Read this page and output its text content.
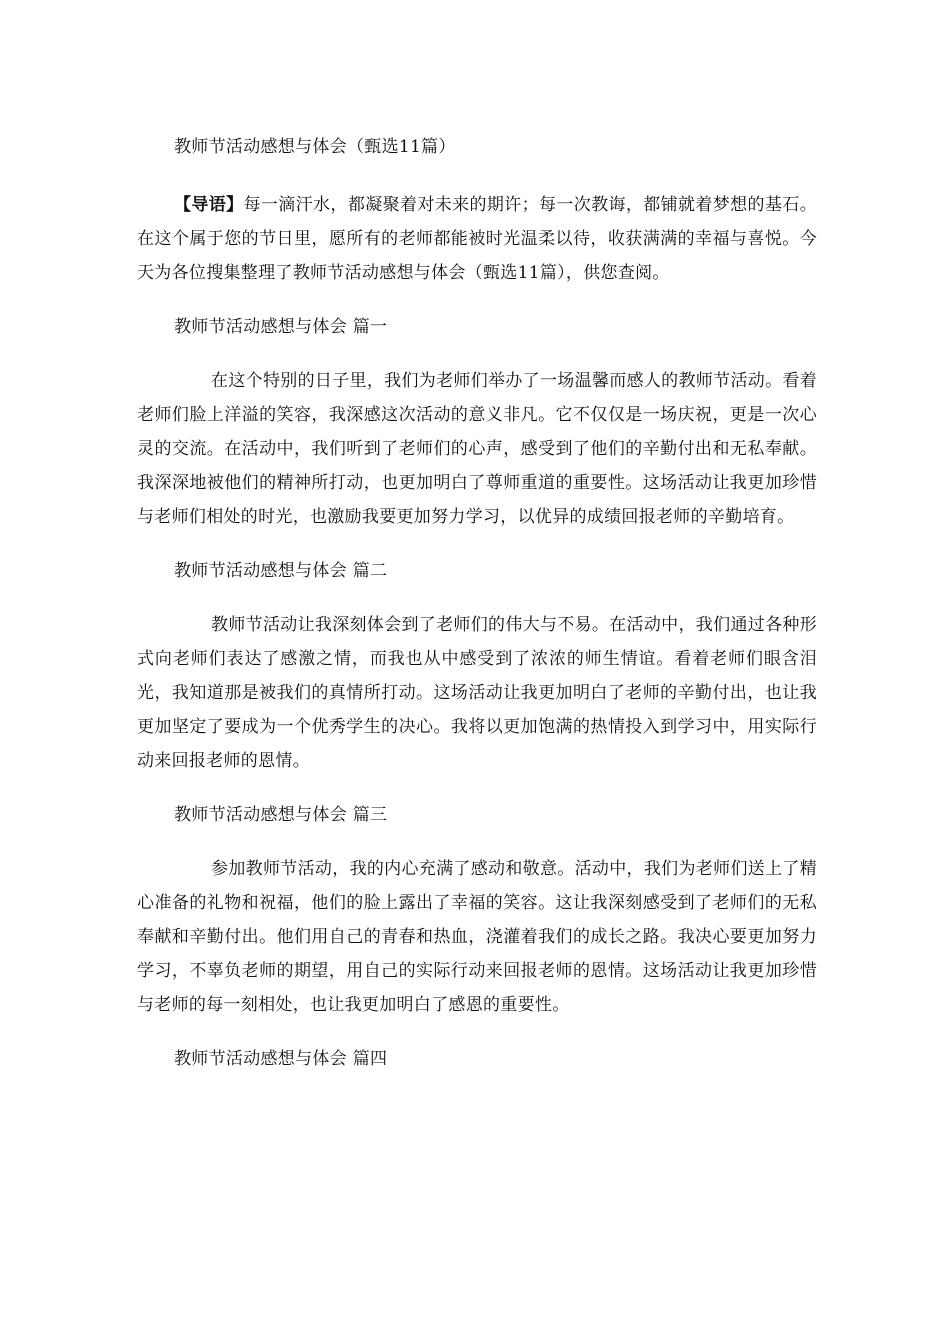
教师节活动感想与体会（甄选11篇）

【导语】每一滴汗水，都凝聚着对未来的期许；每一次教诲，都铺就着梦想的基石。在这个属于您的节日里，愿所有的老师都能被时光温柔以待，收获满满的幸福与喜悦。今天为各位搜集整理了教师节活动感想与体会（甄选11篇），供您查阅。

教师节活动感想与体会 篇一

在这个特别的日子里，我们为老师们举办了一场温馨而感人的教师节活动。看着老师们脸上洋溢的笑容，我深感这次活动的意义非凡。它不仅仅是一场庆祝，更是一次心灵的交流。在活动中，我们听到了老师们的心声，感受到了他们的辛勤付出和无私奉献。我深深地被他们的精神所打动，也更加明白了尊师重道的重要性。这场活动让我更加珍惜与老师们相处的时光，也激励我要更加努力学习，以优异的成绩回报老师的辛勤培育。

教师节活动感想与体会 篇二

教师节活动让我深刻体会到了老师们的伟大与不易。在活动中，我们通过各种形式向老师们表达了感激之情，而我也从中感受到了浓浓的师生情谊。看着老师们眼含泪光，我知道那是被我们的真情所打动。这场活动让我更加明白了老师的辛勤付出，也让我更加坚定了要成为一个优秀学生的决心。我将以更加饱满的热情投入到学习中，用实际行动来回报老师的恩情。

教师节活动感想与体会 篇三

参加教师节活动，我的内心充满了感动和敬意。活动中，我们为老师们送上了精心准备的礼物和祝福，他们的脸上露出了幸福的笑容。这让我深刻感受到了老师们的无私奉献和辛勤付出。他们用自己的青春和热血，浇灌着我们的成长之路。我决心要更加努力学习，不辜负老师的期望，用自己的实际行动来回报老师的恩情。这场活动让我更加珍惜与老师的每一刻相处，也让我更加明白了感恩的重要性。

教师节活动感想与体会 篇四
